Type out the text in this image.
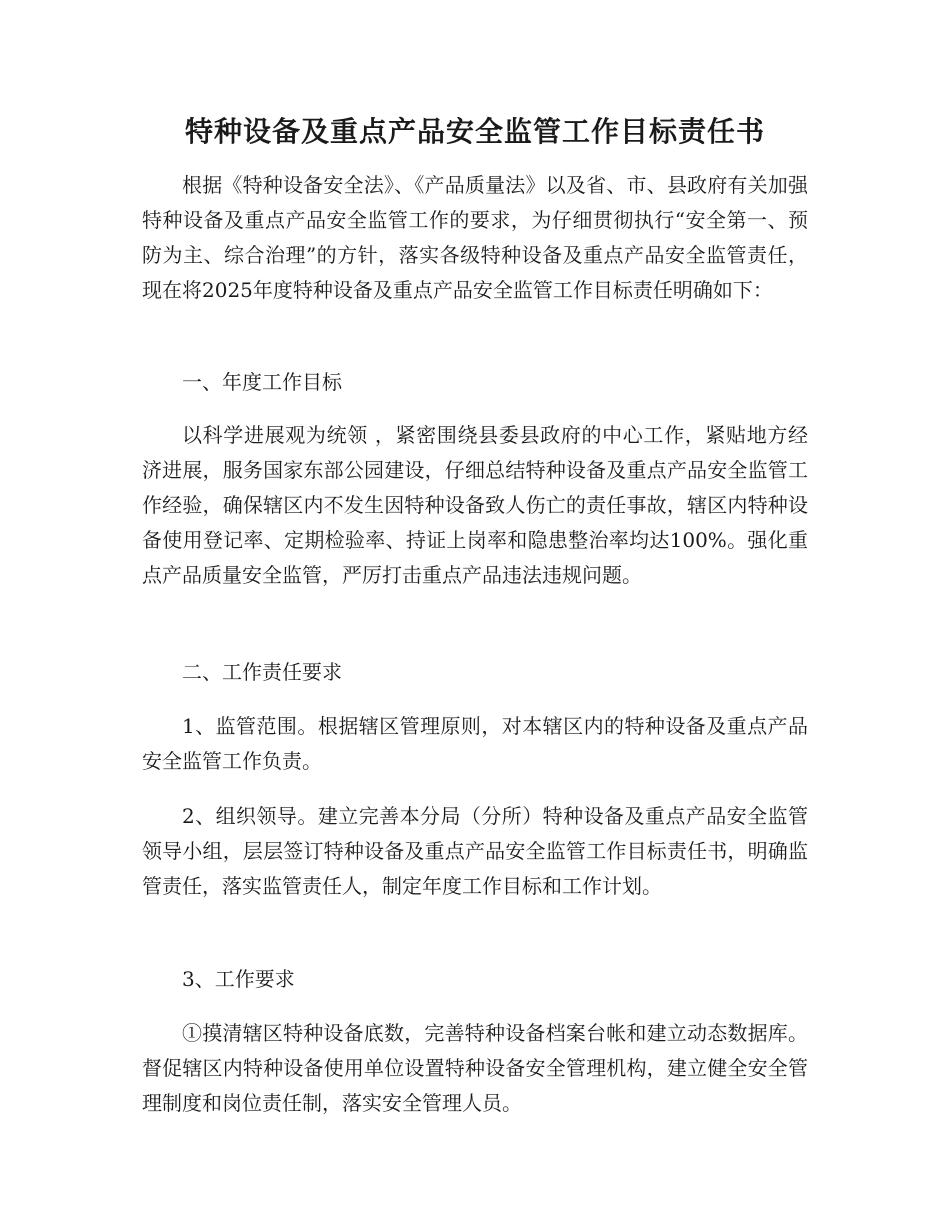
特种设备及重点产品安全监管工作目标责任书

根据《特种设备安全法》、《产品质量法》以及省、市、县政府有关加强特种设备及重点产品安全监管工作的要求，为仔细贯彻执行“安全第一、预防为主、综合治理”的方针，落实各级特种设备及重点产品安全监管责任，现在将2025年度特种设备及重点产品安全监管工作目标责任明确如下：

一、年度工作目标

以科学进展观为统领 ，紧密围绕县委县政府的中心工作，紧贴地方经济进展，服务国家东部公园建设，仔细总结特种设备及重点产品安全监管工作经验，确保辖区内不发生因特种设备致人伤亡的责任事故，辖区内特种设备使用登记率、定期检验率、持证上岗率和隐患整治率均达100%。强化重点产品质量安全监管，严厉打击重点产品违法违规问题。

二、工作责任要求

1、监管范围。根据辖区管理原则，对本辖区内的特种设备及重点产品安全监管工作负责。

2、组织领导。建立完善本分局（分所）特种设备及重点产品安全监管领导小组，层层签订特种设备及重点产品安全监管工作目标责任书，明确监管责任，落实监管责任人，制定年度工作目标和工作计划。

3、工作要求

①摸清辖区特种设备底数，完善特种设备档案台帐和建立动态数据库。督促辖区内特种设备使用单位设置特种设备安全管理机构，建立健全安全管理制度和岗位责任制，落实安全管理人员。
